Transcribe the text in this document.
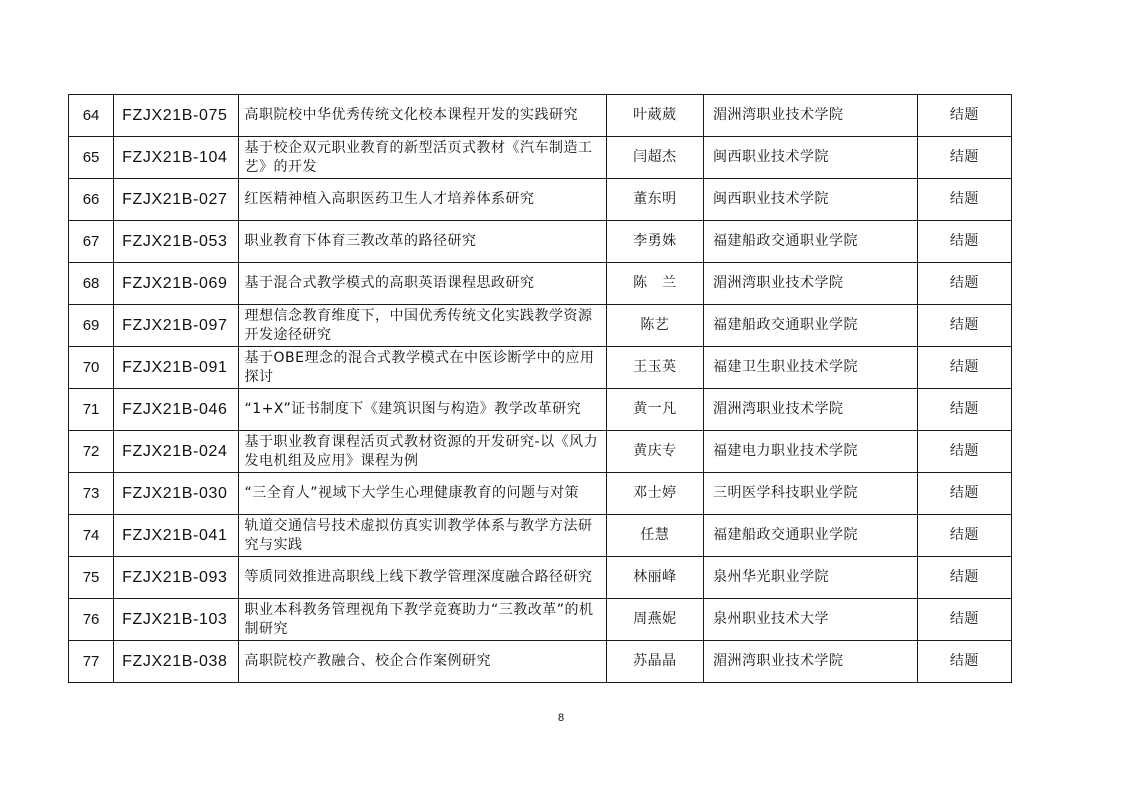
64	FZJX21B-075	高职院校中华优秀传统文化校本课程开发的实践研究	叶葳葳	湄洲湾职业技术学院	结题
65	FZJX21B-104	基于校企双元职业教育的新型活页式教材《汽车制造工艺》的开发	闫超杰	闽西职业技术学院	结题
66	FZJX21B-027	红医精神植入高职医药卫生人才培养体系研究	董东明	闽西职业技术学院	结题
67	FZJX21B-053	职业教育下体育三教改革的路径研究	李勇姝	福建船政交通职业学院	结题
68	FZJX21B-069	基于混合式教学模式的高职英语课程思政研究	陈　兰	湄洲湾职业技术学院	结题
69	FZJX21B-097	理想信念教育维度下，中国优秀传统文化实践教学资源开发途径研究	陈艺	福建船政交通职业学院	结题
70	FZJX21B-091	基于OBE理念的混合式教学模式在中医诊断学中的应用探讨	王玉英	福建卫生职业技术学院	结题
71	FZJX21B-046	“1+X”证书制度下《建筑识图与构造》教学改革研究	黄一凡	湄洲湾职业技术学院	结题
72	FZJX21B-024	基于职业教育课程活页式教材资源的开发研究-以《风力发电机组及应用》课程为例	黄庆专	福建电力职业技术学院	结题
73	FZJX21B-030	“三全育人”视域下大学生心理健康教育的问题与对策	邓士婷	三明医学科技职业学院	结题
74	FZJX21B-041	轨道交通信号技术虚拟仿真实训教学体系与教学方法研究与实践	任慧	福建船政交通职业学院	结题
75	FZJX21B-093	等质同效推进高职线上线下教学管理深度融合路径研究	林丽峰	泉州华光职业学院	结题
76	FZJX21B-103	职业本科教务管理视角下教学竞赛助力“三教改革”的机制研究	周燕妮	泉州职业技术大学	结题
77	FZJX21B-038	高职院校产教融合、校企合作案例研究	苏晶晶	湄洲湾职业技术学院	结题
8
